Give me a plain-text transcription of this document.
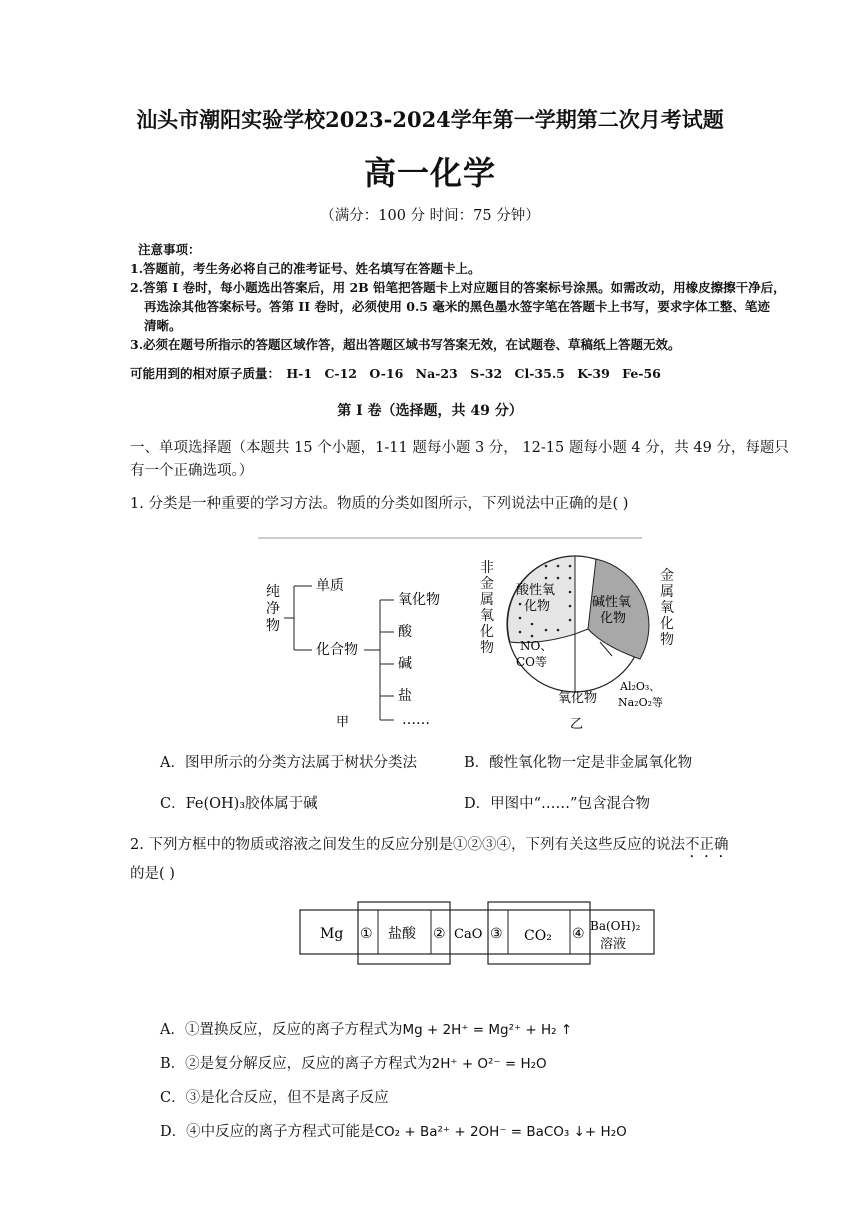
汕头市潮阳实验学校2023-2024学年第一学期第二次月考试题
高一化学
（满分：100 分 时间：75 分钟）
注意事项：
1.答题前，考生务必将自己的准考证号、姓名填写在答题卡上。
2.答第 I 卷时，每小题选出答案后，用 2B 铅笔把答题卡上对应题目的答案标号涂黑。如需改动，用橡皮擦擦干净后，
再选涂其他答案标号。答第 II 卷时，必须使用 0.5 毫米的黑色墨水签字笔在答题卡上书写，要求字体工整、笔迹
清晰。
3.必须在题号所指示的答题区域作答，超出答题区域书写答案无效，在试题卷、草稿纸上答题无效。
可能用到的相对原子质量： H-1 C-12 O-16 Na-23 S-32 Cl-35.5 K-39 Fe-56
第 I 卷（选择题，共 49 分）
一、单项选择题（本题共 15 个小题，1-11 题每小题 3 分， 12-15 题每小题 4 分，共 49 分，每题只有一个正确选项。）
1. 分类是一种重要的学习方法。物质的分类如图所示，下列说法中正确的是( )
纯净物
单质
化合物
氧化物
酸
碱
盐
……
甲
酸性氧
化物	碱性氧
化物
NO、
CO等
氧化物
Al₂O₃、
Na₂O₂等
乙
非金属氧化物
金属氧化物
A．图甲所示的分类方法属于树状分类法	B．酸性氧化物一定是非金属氧化物
C．Fe(OH)₃胶体属于碱	D．甲图中“……”包含混合物
2. 下列方框中的物质或溶液之间发生的反应分别是①②③④，下列有关这些反应的说法不正确
的是( )
Mg ① 盐酸 ② CaO ③ CO₂ ④ Ba(OH)₂
溶液
A．①置换反应，反应的离子方程式为Mg + 2H⁺ = Mg²⁺ + H₂ ↑
B．②是复分解反应，反应的离子方程式为2H⁺ + O²⁻ = H₂O
C．③是化合反应，但不是离子反应
D．④中反应的离子方程式可能是CO₂ + Ba²⁺ + 2OH⁻ = BaCO₃ ↓+ H₂O
